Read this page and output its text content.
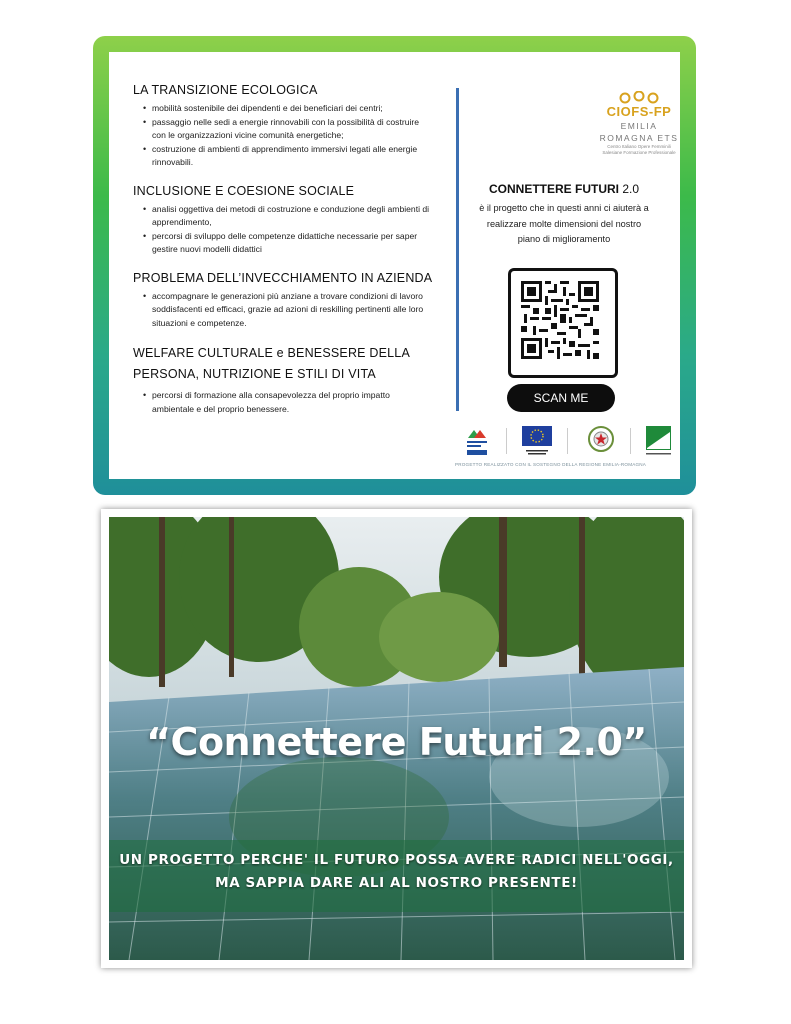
LA TRANSIZIONE ECOLOGICA
• mobilità sostenibile dei dipendenti e dei beneficiari dei centri;
• passaggio nelle sedi a energie rinnovabili con la possibilità di costruire con le organizzazioni vicine comunità energetiche;
• costruzione di ambienti di apprendimento immersivi legati alle energie rinnovabili.
INCLUSIONE E COESIONE SOCIALE
• analisi oggettiva dei metodi di costruzione e conduzione degli ambienti di apprendimento,
• percorsi di sviluppo delle competenze didattiche necessarie per saper gestire nuovi modelli didattici
PROBLEMA DELL’INVECCHIAMENTO IN AZIENDA
• accompagnare le generazioni più anziane a trovare condizioni di lavoro soddisfacenti ed efficaci, grazie ad azioni di reskilling pertinenti alle loro situazioni e competenze.
WELFARE CULTURALE e BENESSERE DELLA PERSONA, NUTRIZIONE E STILI DI VITA
• percorsi di formazione alla consapevolezza del proprio impatto ambientale e del proprio benessere.
CIOFS-FP
EMILIA ROMAGNA ETS
Centro Italiano Opere Femminili Salesiane Formazione Professionale
CONNETTERE FUTURI 2.0
è il progetto che in questi anni ci aiuterà a realizzare molte dimensioni del nostro piano di miglioramento
SCAN ME
PROGETTO REALIZZATO CON IL SOSTEGNO DELLA REGIONE EMILIA-ROMAGNA
“Connettere Futuri 2.0”
UN PROGETTO PERCHE' IL FUTURO POSSA AVERE RADICI NELL'OGGI,
MA SAPPIA DARE ALI AL NOSTRO PRESENTE!
